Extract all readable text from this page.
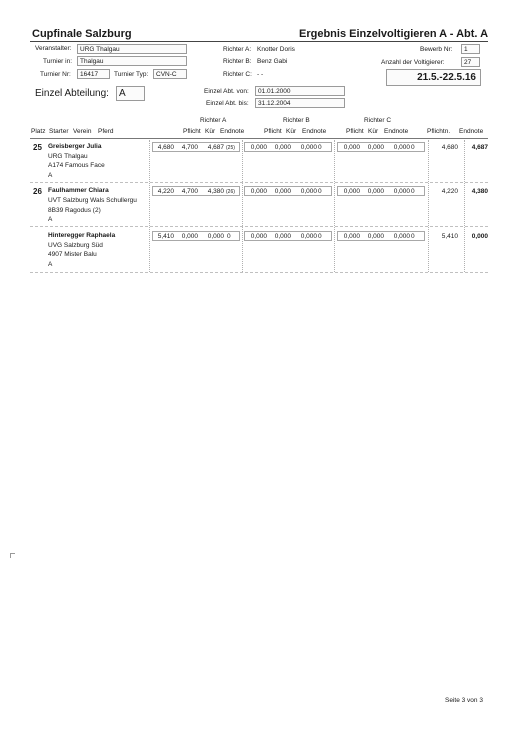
Cupfinale Salzburg	Ergebnis Einzelvoltigieren A - Abt. A
Veranstalter:	URG Thalgau
Turnier in:	Thalgau
Turnier Nr:	16417	Turnier Typ:	CVN-C
Richter A: Knotter Doris
Richter B: Benz Gabi
Richter C: - -
Bewerb Nr:	1
Anzahl der Voltigierer:	27
21.5.-22.5.16
Einzel Abteilung:	A	Einzel Abt. von:	01.01.2000
Einzel Abt. bis:	31.12.2004
Richter A	Richter B	Richter C
Platz Starter Verein Pferd	Pflicht Kür Endnote	Pflicht Kür Endnote	Pflicht Kür Endnote	Pflichtn. Endnote
25 Greisberger Julia
URG Thalgau
A174 Famous Face
A
4,680	4,700	4,687 (25)	0,000	0,000	0,000 0	0,000	0,000	0,000 0	4,680	4,687
26 Faulhammer Chiara
UVT Salzburg Wals Schullergu
8B39 Ragodus (2)
A
4,220	4,700	4,380 (26)	0,000	0,000	0,000 0	0,000	0,000	0,000 0	4,220	4,380
Hinteregger Raphaela
UVG Salzburg Süd
4907 Mister Balu
A
5,410	0,000	0,000 0	0,000	0,000	0,000 0	0,000	0,000	0,000 0	5,410	0,000
Seite 3 von 3
